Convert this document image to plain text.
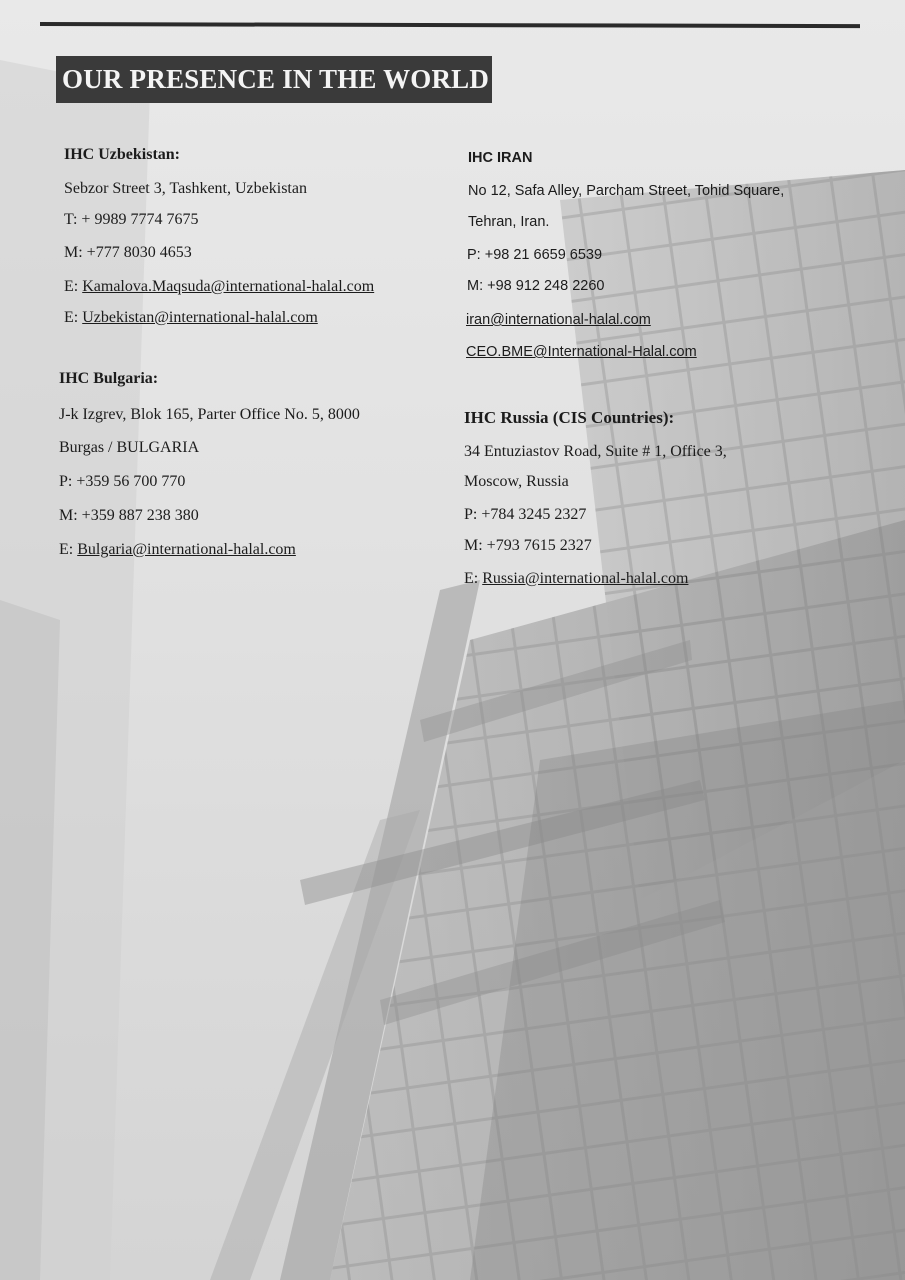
OUR PRESENCE IN THE WORLD
IHC Uzbekistan:
Sebzor Street 3, Tashkent, Uzbekistan
T: + 9989 7774 7675
M: +777 8030 4653
E: Kamalova.Maqsuda@international-halal.com
E: Uzbekistan@international-halal.com
IHC Bulgaria:
J-k Izgrev, Blok 165, Parter Office No. 5, 8000
Burgas / BULGARIA
P: +359 56 700 770
M: +359 887 238 380
E: Bulgaria@international-halal.com
IHC IRAN
No 12, Safa Alley, Parcham Street, Tohid Square,
Tehran, Iran.
P: +98 21 6659 6539
M: +98 912 248 2260
iran@international-halal.com
CEO.BME@International-Halal.com
IHC Russia (CIS Countries):
34 Entuziastov Road, Suite # 1, Office 3,
Moscow, Russia
P: +784 3245 2327
M: +793 7615 2327
E: Russia@international-halal.com
